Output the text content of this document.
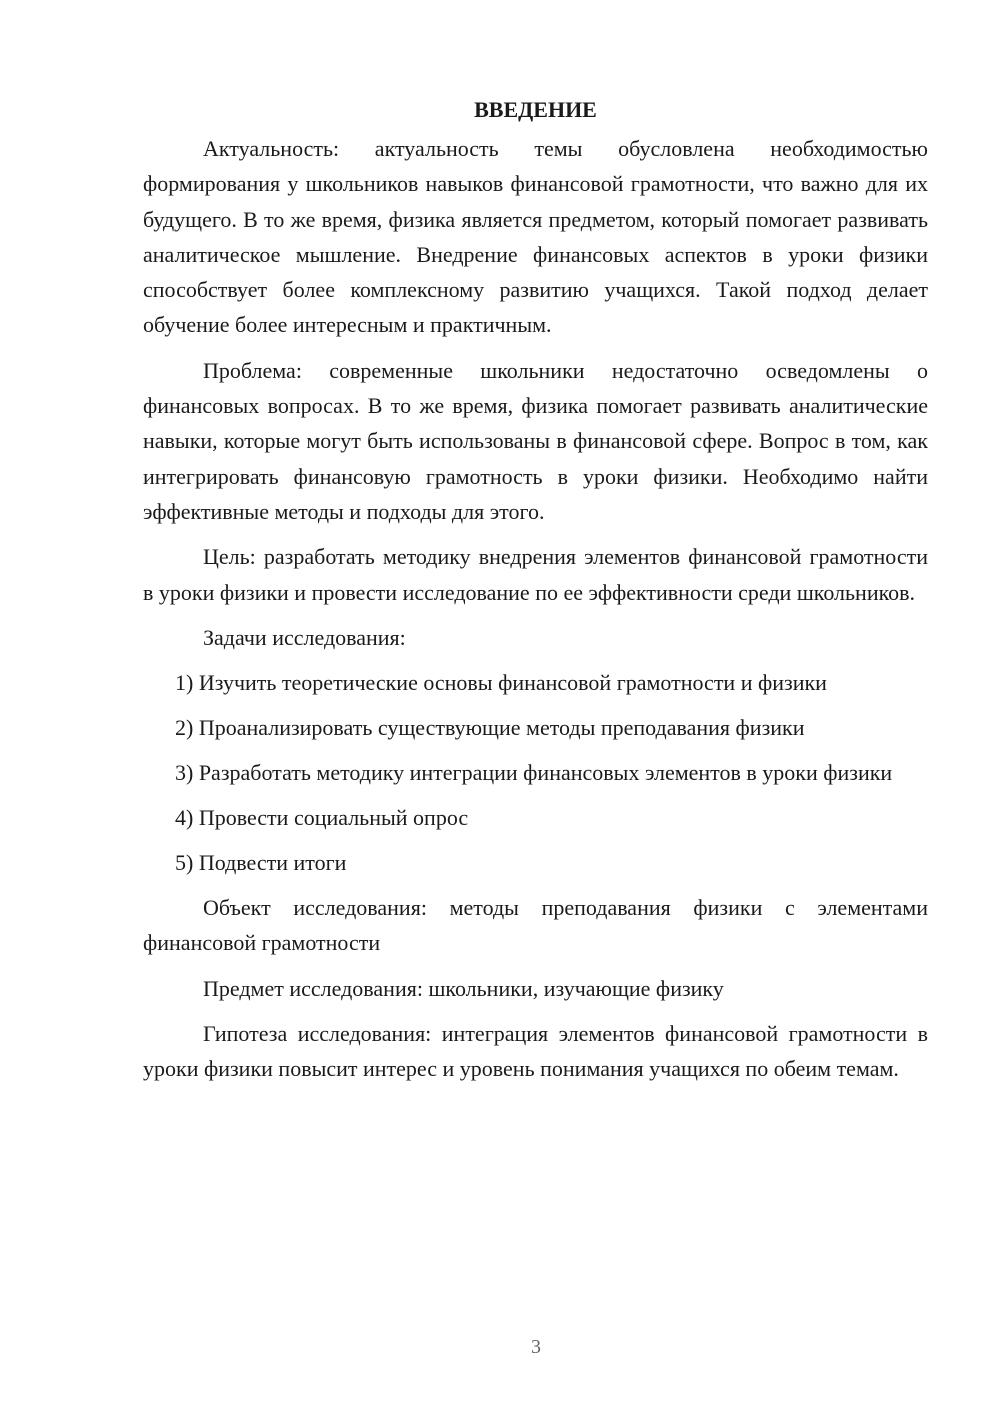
ВВЕДЕНИЕ

Актуальность: актуальность темы обусловлена необходимостью формирования у школьников навыков финансовой грамотности, что важно для их будущего. В то же время, физика является предметом, который помогает развивать аналитическое мышление. Внедрение финансовых аспектов в уроки физики способствует более комплексному развитию учащихся. Такой подход делает обучение более интересным и практичным.

Проблема: современные школьники недостаточно осведомлены о финансовых вопросах. В то же время, физика помогает развивать аналитические навыки, которые могут быть использованы в финансовой сфере. Вопрос в том, как интегрировать финансовую грамотность в уроки физики. Необходимо найти эффективные методы и подходы для этого.

Цель: разработать методику внедрения элементов финансовой грамотности в уроки физики и провести исследование по ее эффективности среди школьников.

Задачи исследования:

1) Изучить теоретические основы финансовой грамотности и физики

2) Проанализировать существующие методы преподавания физики

3) Разработать методику интеграции финансовых элементов в уроки физики

4) Провести социальный опрос

5) Подвести итоги

Объект исследования: методы преподавания физики с элементами финансовой грамотности

Предмет исследования: школьники, изучающие физику

Гипотеза исследования: интеграция элементов финансовой грамотности в уроки физики повысит интерес и уровень понимания учащихся по обеим темам.

3
